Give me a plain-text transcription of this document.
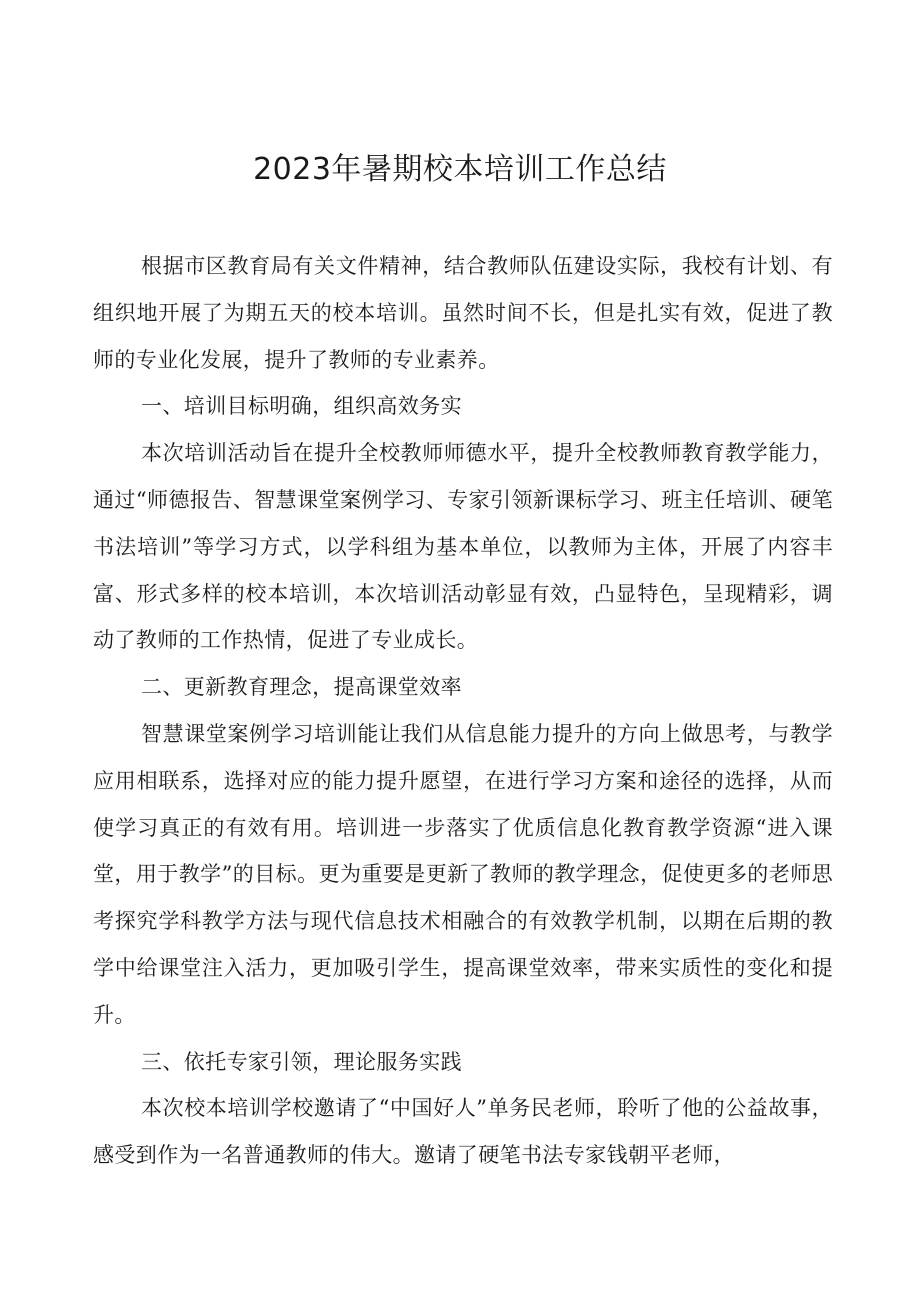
2023年暑期校本培训工作总结

根据市区教育局有关文件精神，结合教师队伍建设实际，我校有计划、有组织地开展了为期五天的校本培训。虽然时间不长，但是扎实有效，促进了教师的专业化发展，提升了教师的专业素养。

一、培训目标明确，组织高效务实

本次培训活动旨在提升全校教师师德水平，提升全校教师教育教学能力，通过“师德报告、智慧课堂案例学习、专家引领新课标学习、班主任培训、硬笔书法培训”等学习方式，以学科组为基本单位，以教师为主体，开展了内容丰富、形式多样的校本培训，本次培训活动彰显有效，凸显特色，呈现精彩，调动了教师的工作热情，促进了专业成长。

二、更新教育理念，提高课堂效率

智慧课堂案例学习培训能让我们从信息能力提升的方向上做思考，与教学应用相联系，选择对应的能力提升愿望，在进行学习方案和途径的选择，从而使学习真正的有效有用。培训进一步落实了优质信息化教育教学资源“进入课堂，用于教学”的目标。更为重要是更新了教师的教学理念，促使更多的老师思考探究学科教学方法与现代信息技术相融合的有效教学机制，以期在后期的教学中给课堂注入活力，更加吸引学生，提高课堂效率，带来实质性的变化和提升。

三、依托专家引领，理论服务实践

本次校本培训学校邀请了“中国好人”单务民老师，聆听了他的公益故事，感受到作为一名普通教师的伟大。邀请了硬笔书法专家钱朝平老师，
